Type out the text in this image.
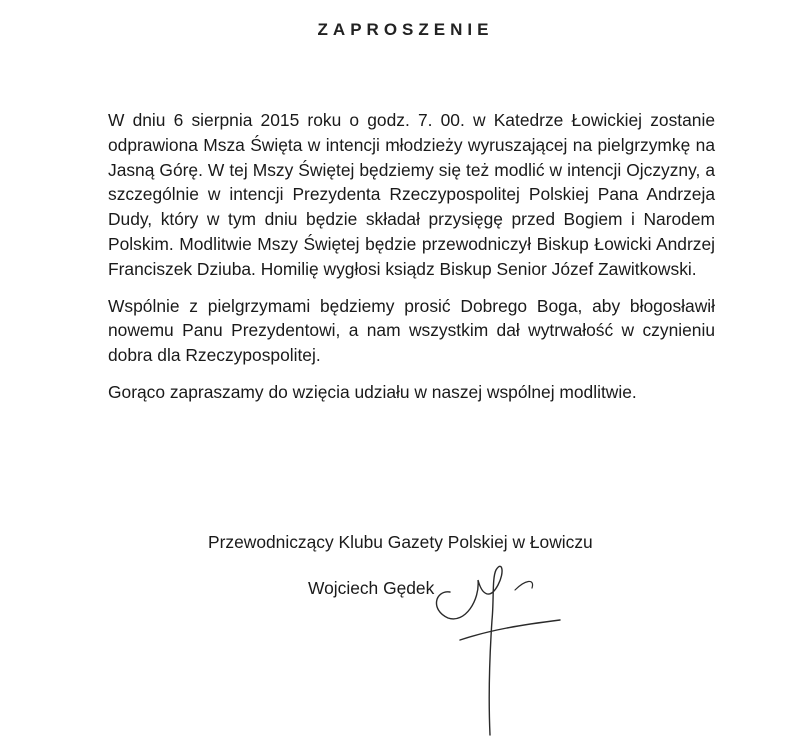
ZAPROSZENIE

W dniu 6 sierpnia 2015 roku o godz. 7. 00. w Katedrze Łowickiej zostanie odprawiona Msza Święta w intencji młodzieży wyruszającej na pielgrzymkę na Jasną Górę. W tej Mszy Świętej będziemy się też modlić w intencji Ojczyzny, a szczególnie w intencji Prezydenta Rzeczypospolitej Polskiej Pana Andrzeja Dudy, który w tym dniu będzie składał przysięgę przed Bogiem i Narodem Polskim. Modlitwie Mszy Świętej będzie przewodniczył Biskup Łowicki Andrzej Franciszek Dziuba. Homilię wygłosi ksiądz Biskup Senior Józef Zawitkowski.

Wspólnie z pielgrzymami będziemy prosić Dobrego Boga, aby błogosławił nowemu Panu Prezydentowi, a nam wszystkim dał wytrwałość w czynieniu dobra dla Rzeczypospolitej.

Gorąco zapraszamy do wzięcia udziału w naszej wspólnej modlitwie.

Przewodniczący Klubu Gazety Polskiej w Łowiczu
Wojciech Gędek
